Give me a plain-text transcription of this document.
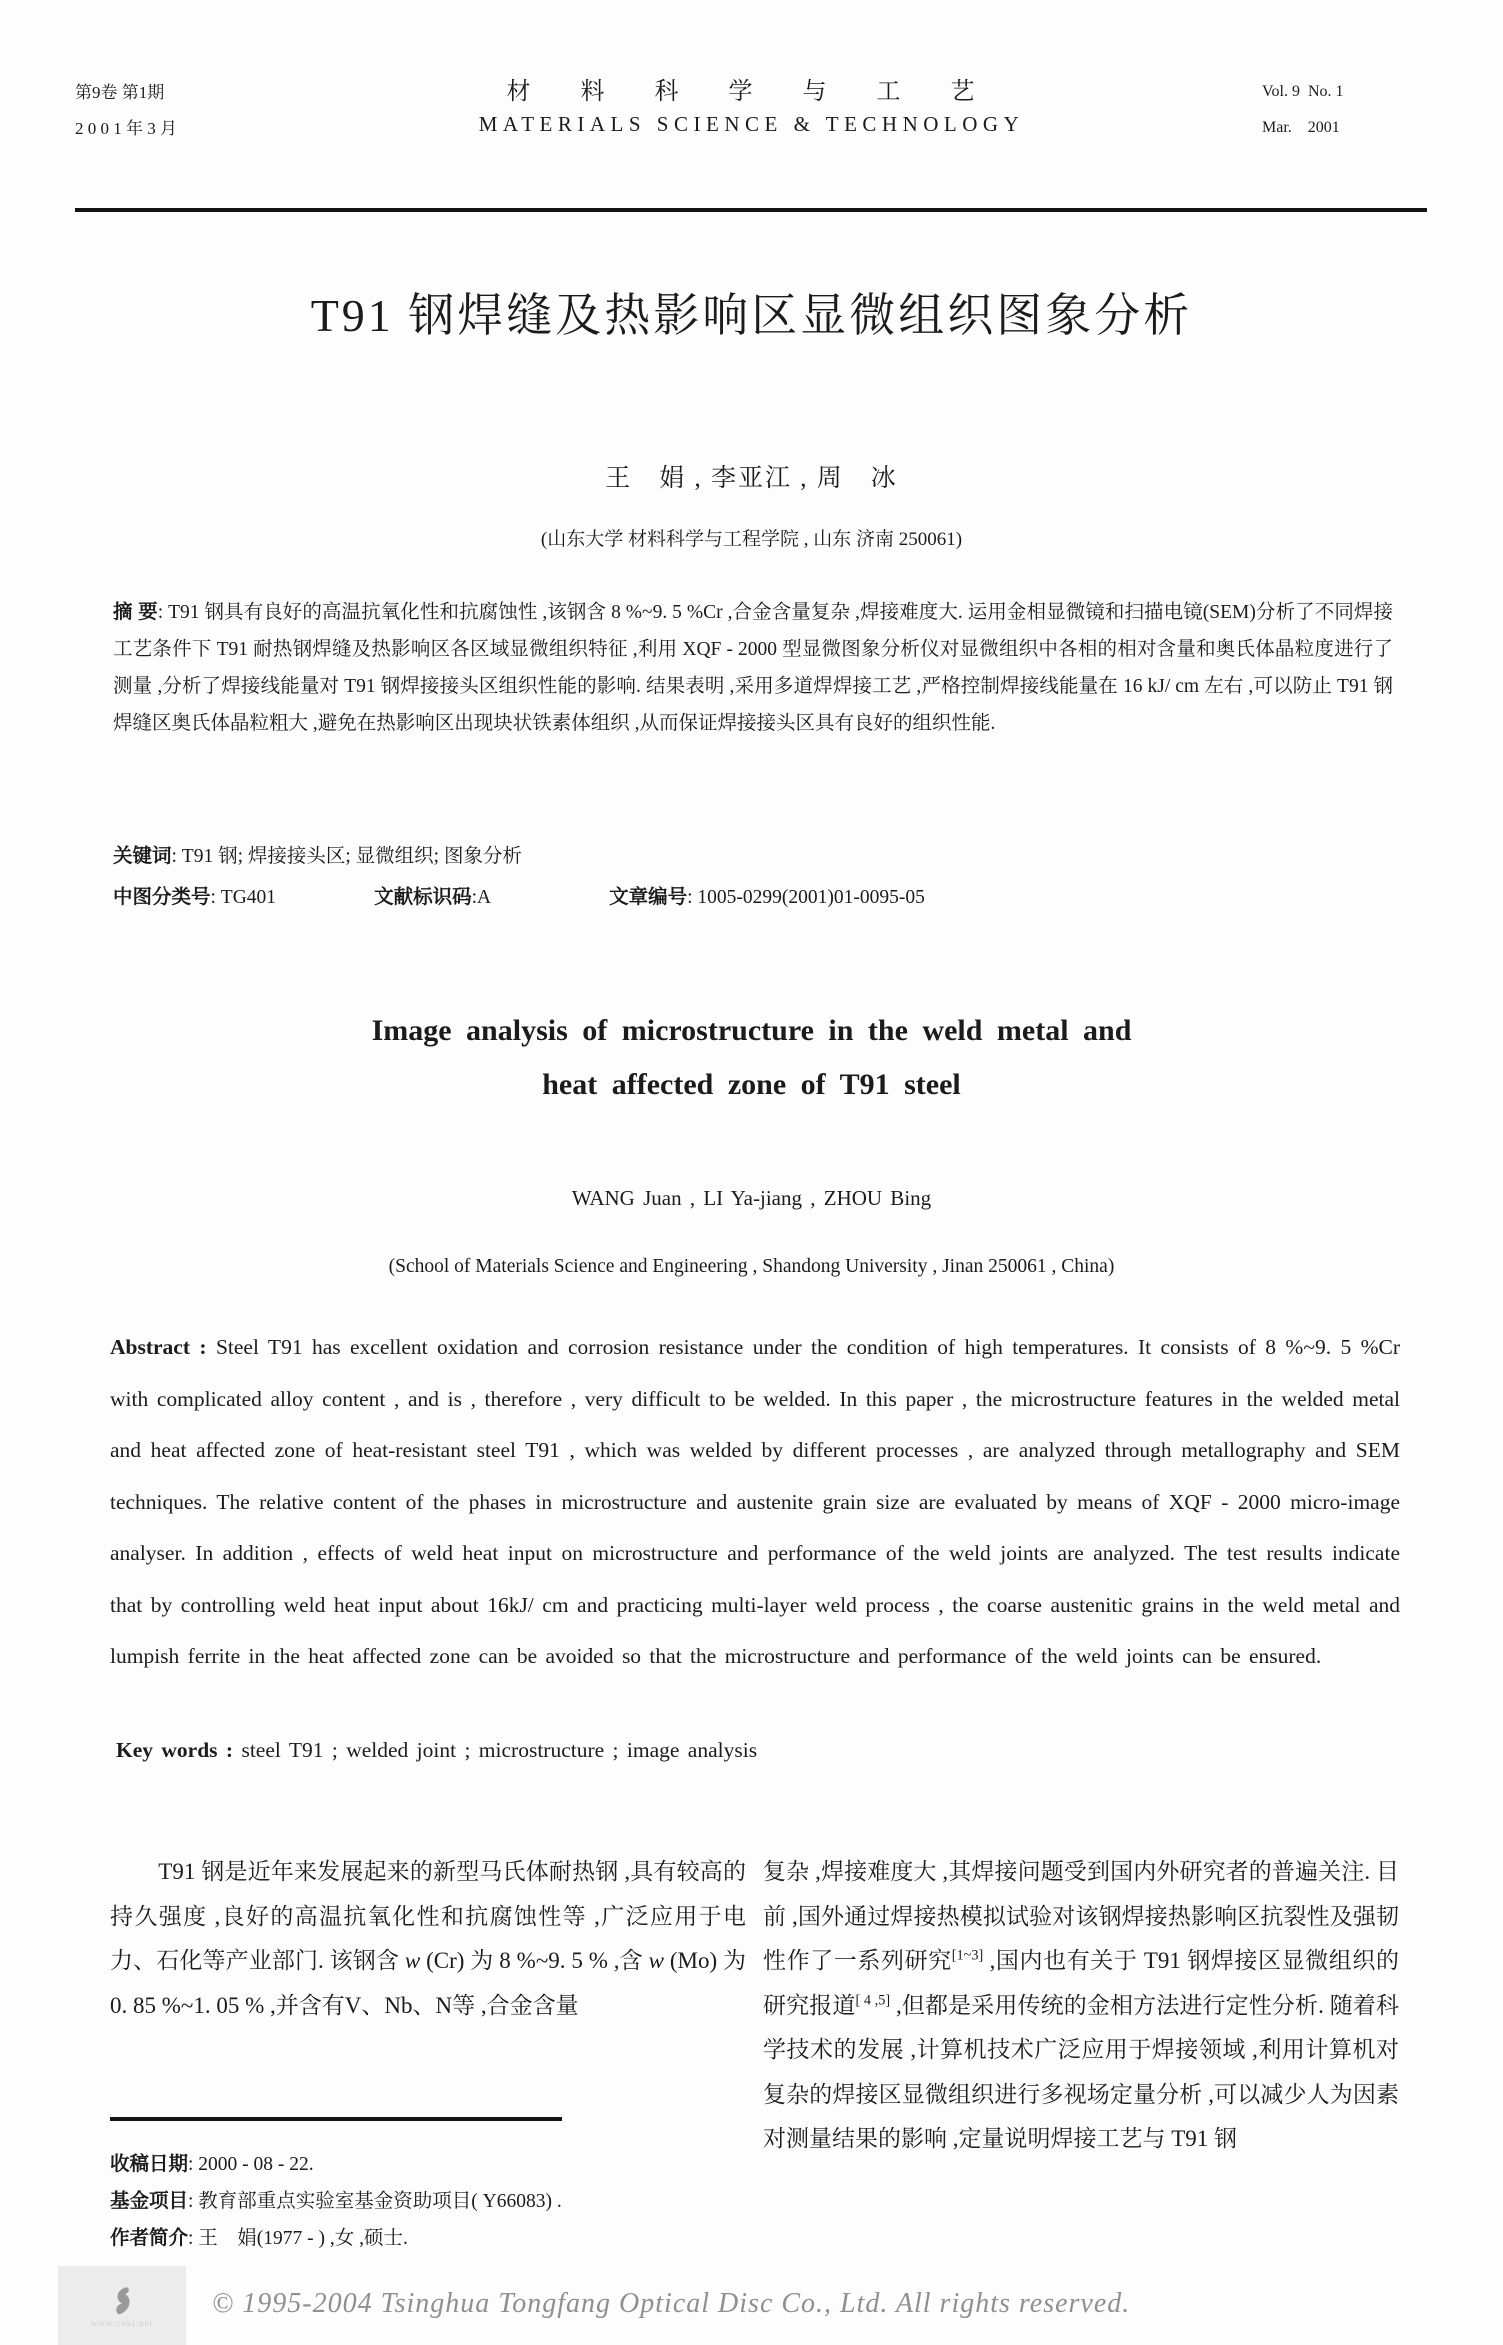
第9卷 第1期
2 0 0 1 年 3 月
材 料 科 学 与 工 艺
MATERIALS SCIENCE & TECHNOLOGY
Vol. 9  No. 1
Mar.    2001
T91 钢焊缝及热影响区显微组织图象分析
王　娟 , 李亚江 , 周　冰
(山东大学 材料科学与工程学院 , 山东 济南 250061)
摘 要: T91 钢具有良好的高温抗氧化性和抗腐蚀性 ,该钢含 8 %~9. 5 %Cr ,合金含量复杂 ,焊接难度大. 运用金相显微镜和扫描电镜(SEM)分析了不同焊接工艺条件下 T91 耐热钢焊缝及热影响区各区域显微组织特征 ,利用 XQF - 2000 型显微图象分析仪对显微组织中各相的相对含量和奥氏体晶粒度进行了测量 ,分析了焊接线能量对 T91 钢焊接接头区组织性能的影响. 结果表明 ,采用多道焊焊接工艺 ,严格控制焊接线能量在 16 kJ/ cm 左右 ,可以防止 T91 钢焊缝区奥氏体晶粒粗大 ,避免在热影响区出现块状铁素体组织 ,从而保证焊接接头区具有良好的组织性能.
关键词: T91 钢; 焊接接头区; 显微组织; 图象分析
中图分类号: TG401	文献标识码:A	文章编号: 1005-0299(2001)01-0095-05
Image analysis of microstructure in the weld metal and
heat affected zone of T91 steel
WANG Juan , LI Ya-jiang , ZHOU Bing
(School of Materials Science and Engineering , Shandong University , Jinan 250061 , China)
Abstract : Steel T91 has excellent oxidation and corrosion resistance under the condition of high temperatures. It consists of 8 %~9. 5 %Cr with complicated alloy content , and is , therefore , very difficult to be welded. In this paper , the microstructure features in the welded metal and heat affected zone of heat-resistant steel T91 , which was welded by different processes , are analyzed through metallography and SEM techniques. The relative content of the phases in microstructure and austenite grain size are evaluated by means of XQF - 2000 micro-image analyser. In addition , effects of weld heat input on microstructure and performance of the weld joints are analyzed. The test results indicate that by controlling weld heat input about 16kJ/ cm and practicing multi-layer weld process , the coarse austenitic grains in the weld metal and lumpish ferrite in the heat affected zone can be avoided so that the microstructure and performance of the weld joints can be ensured.
Key words : steel T91 ; welded joint ; microstructure ; image analysis
T91 钢是近年来发展起来的新型马氏体耐热钢 ,具有较高的持久强度 ,良好的高温抗氧化性和抗腐蚀性等 ,广泛应用于电力、石化等产业部门. 该钢含 w (Cr) 为 8 %~9. 5 % ,含 w (Mo) 为 0. 85 %~1. 05 % ,并含有V、Nb、N等 ,合金含量
复杂 ,焊接难度大 ,其焊接问题受到国内外研究者的普遍关注. 目前 ,国外通过焊接热模拟试验对该钢焊接热影响区抗裂性及强韧性作了一系列研究[1~3] ,国内也有关于 T91 钢焊接区显微组织的研究报道[ 4 ,5] ,但都是采用传统的金相方法进行定性分析. 随着科学技术的发展 ,计算机技术广泛应用于焊接领域 ,利用计算机对复杂的焊接区显微组织进行多视场定量分析 ,可以减少人为因素对测量结果的影响 ,定量说明焊接工艺与 T91 钢
收稿日期: 2000 - 08 - 22.
基金项目: 教育部重点实验室基金资助项目( Y66083) .
作者简介: 王　娟(1977 - ) ,女 ,硕士.
www.cnki.net
© 1995-2004 Tsinghua Tongfang Optical Disc Co., Ltd. All rights reserved.
